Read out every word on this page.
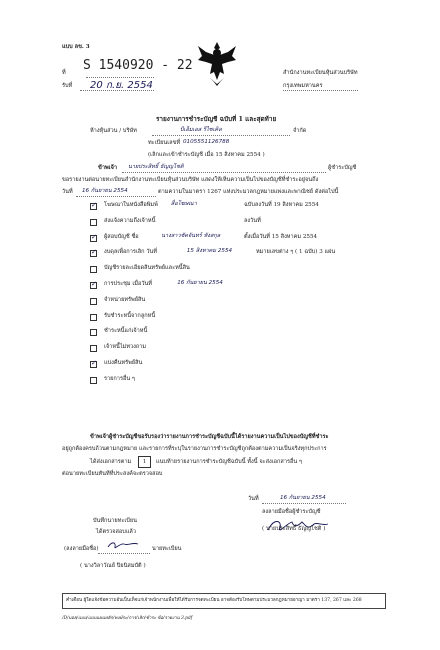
แบบ ลข. 3
ที่ S 1540920 - 22
รับที่ 20 ก.ย. 2554
สำนักงานทะเบียนหุ้นส่วนบริษัท
กรุงเทพมหานคร
รายงานการชำระบัญชี ฉบับที่ 1 และสุดท้าย
ห้างหุ้นส่วน / บริษัท	บีเอ็มเอส รีไซเคิล	จำกัด
ทะเบียนเลขที่ 0105551126788
(เลิกและเข้าชำระบัญชี เมื่อ 15 สิงหาคม 2554 )
ข้าพเจ้า นายประสิทธิ์ ธัญญโชติ	ผู้ชำระบัญชี
ขอรายงานต่อนายทะเบียนสำนักงานทะเบียนหุ้นส่วนบริษัท แสดงให้เห็นความเป็นไปของบัญชีที่ชำระอยู่จนถึง
วันที่ 16 กันยายน 2554	ตามความในมาตรา 1267 แห่งประมวลกฎหมายแพ่งและพาณิชย์ ดังต่อไปนี้
✓
โฆษณาในหนังสือพิมพ์ สื่อโฆษณา	ฉบับลงวันที่ 19 สิงหาคม 2554
ส่งแจ้งความถึงเจ้าหนี้	ลงวันที่
✓
ผู้สอบบัญชี ชื่อ	นางสาวชัดจันทร์ หังสกุล	ตั้งเมื่อวันที่ 15 สิงหาคม 2554
✓
งบดุลเพื่อการเลิก วันที่	15 สิงหาคม 2554	หมายเลขต่าง ๆ ( 1 ฉบับ) 3 แผ่น
บัญชีรายละเอียดสินทรัพย์และหนี้สิน
✓
การประชุม เมื่อวันที่	16 กันยายน 2554
จำหน่ายทรัพย์สิน
รับชำระหนี้จากลูกหนี้
ชำระหนี้แก่เจ้าหนี้
เจ้าหนี้ไม่ทวงถาม
✓
แบ่งคืนทรัพย์สิน
รายการอื่น ๆ
ข้าพเจ้าผู้ชำระบัญชีขอรับรองว่ารายงานการชำระบัญชีฉบับนี้ได้รายงานความเป็นไปของบัญชีที่ชำระ
อยู่ถูกต้องครบถ้วนตามกฎหมาย และรายการที่ระบุในรายงานการชำระบัญชีถูกต้องตามความเป็นจริงทุกประการ
ได้ส่งเอกสารตาม	1	แนบท้ายรายงานการชำระบัญชีฉบับนี้ ทั้งนี้ จะส่งเอกสารอื่น ๆ
ต่อนายทะเบียนทันทีที่ประสงค์จะตรวจสอบ
วันที่	16 กันยายน 2554
ลงลายมือชื่อผู้ชำระบัญชี
( นายประสิทธิ์ ธัญญโชติ )
บันทึกนายทะเบียน
ได้ตรวจสอบแล้ว
(ลงลายมือชื่อ)	นายทะเบียน
( นางวิลาวัณย์ ปิยนิสมบัติ )
คำเตือน ผู้ใดแจ้งข้อความอันเป็นเท็จแก่เจ้าพนักงานเพื่อให้ได้รับการจดทะเบียน อาจต้องรับโทษตามประมวลกฎหมายอาญา มาตรา 137, 267 และ 268
/D/บอล/แบบ/แบบแผนหลัก/พงษ์ระ/การ/เลิก/ชำระ ข้อ/รายงาน 3.pdf
